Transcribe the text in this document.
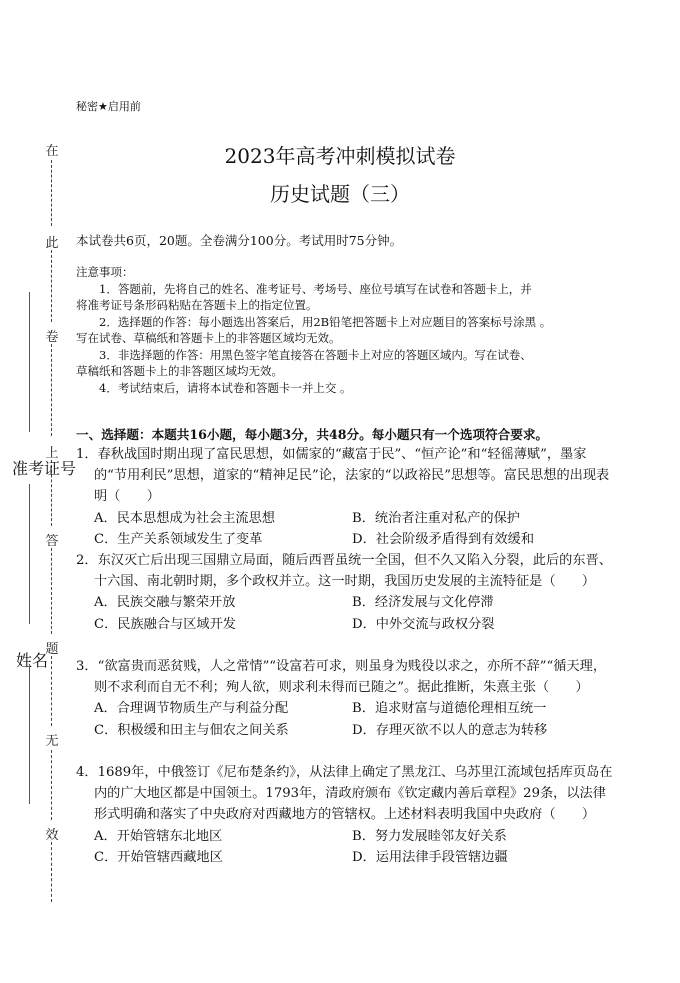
在
此
卷
上
答
题
无
效
准考证号
姓名
秘密★启用前
2023年高考冲刺模拟试卷
历史试题（三）
本试卷共6页，20题。全卷满分100分。考试用时75分钟。
注意事项：

1．答题前，先将自己的姓名、准考证号、考场号、座位号填写在试卷和答题卡上，并

将准考证号条形码粘贴在答题卡上的指定位置。

2．选择题的作答：每小题选出答案后，用2B铅笔把答题卡上对应题目的答案标号涂黑 。

写在试卷、草稿纸和答题卡上的非答题区域均无效。

3．非选择题的作答：用黑色签字笔直接答在答题卡上对应的答题区域内。写在试卷、

草稿纸和答题卡上的非答题区域均无效。

4．考试结束后，请将本试卷和答题卡一并上交 。

一、选择题：本题共16小题，每小题3分，共48分。每小题只有一个选项符合要求。

1．春秋战国时期出现了富民思想，如儒家的“藏富于民”、“恒产论”和“轻徭薄赋”，墨家的“节用利民”思想，道家的“精神足民”论，法家的“以政裕民”思想等。富民思想的出现表明（　　）

A．民本思想成为社会主流思想	B．统治者注重对私产的保护
C．生产关系领域发生了变革	D．社会阶级矛盾得到有效缓和

2．东汉灭亡后出现三国鼎立局面，随后西晋虽统一全国，但不久又陷入分裂，此后的东晋、十六国、南北朝时期，多个政权并立。这一时期，我国历史发展的主流特征是（　　）

A．民族交融与繁荣开放	B．经济发展与文化停滞
C．民族融合与区域开发	D．中外交流与政权分裂

3．“欲富贵而恶贫贱，人之常情”“设富若可求，则虽身为贱役以求之，亦所不辞”“循天理，则不求利而自无不利；殉人欲，则求利未得而已随之”。据此推断，朱熹主张（　　）

A．合理调节物质生产与利益分配	B．追求财富与道德伦理相互统一
C．积极缓和田主与佃农之间关系	D．存理灭欲不以人的意志为转移

4．1689年，中俄签订《尼布楚条约》，从法律上确定了黑龙江、乌苏里江流域包括库页岛在内的广大地区都是中国领土。1793年，清政府颁布《钦定藏内善后章程》29条，以法律形式明确和落实了中央政府对西藏地方的管辖权。上述材料表明我国中央政府（　　）

A．开始管辖东北地区	B．努力发展睦邻友好关系
C．开始管辖西藏地区	D．运用法律手段管辖边疆
